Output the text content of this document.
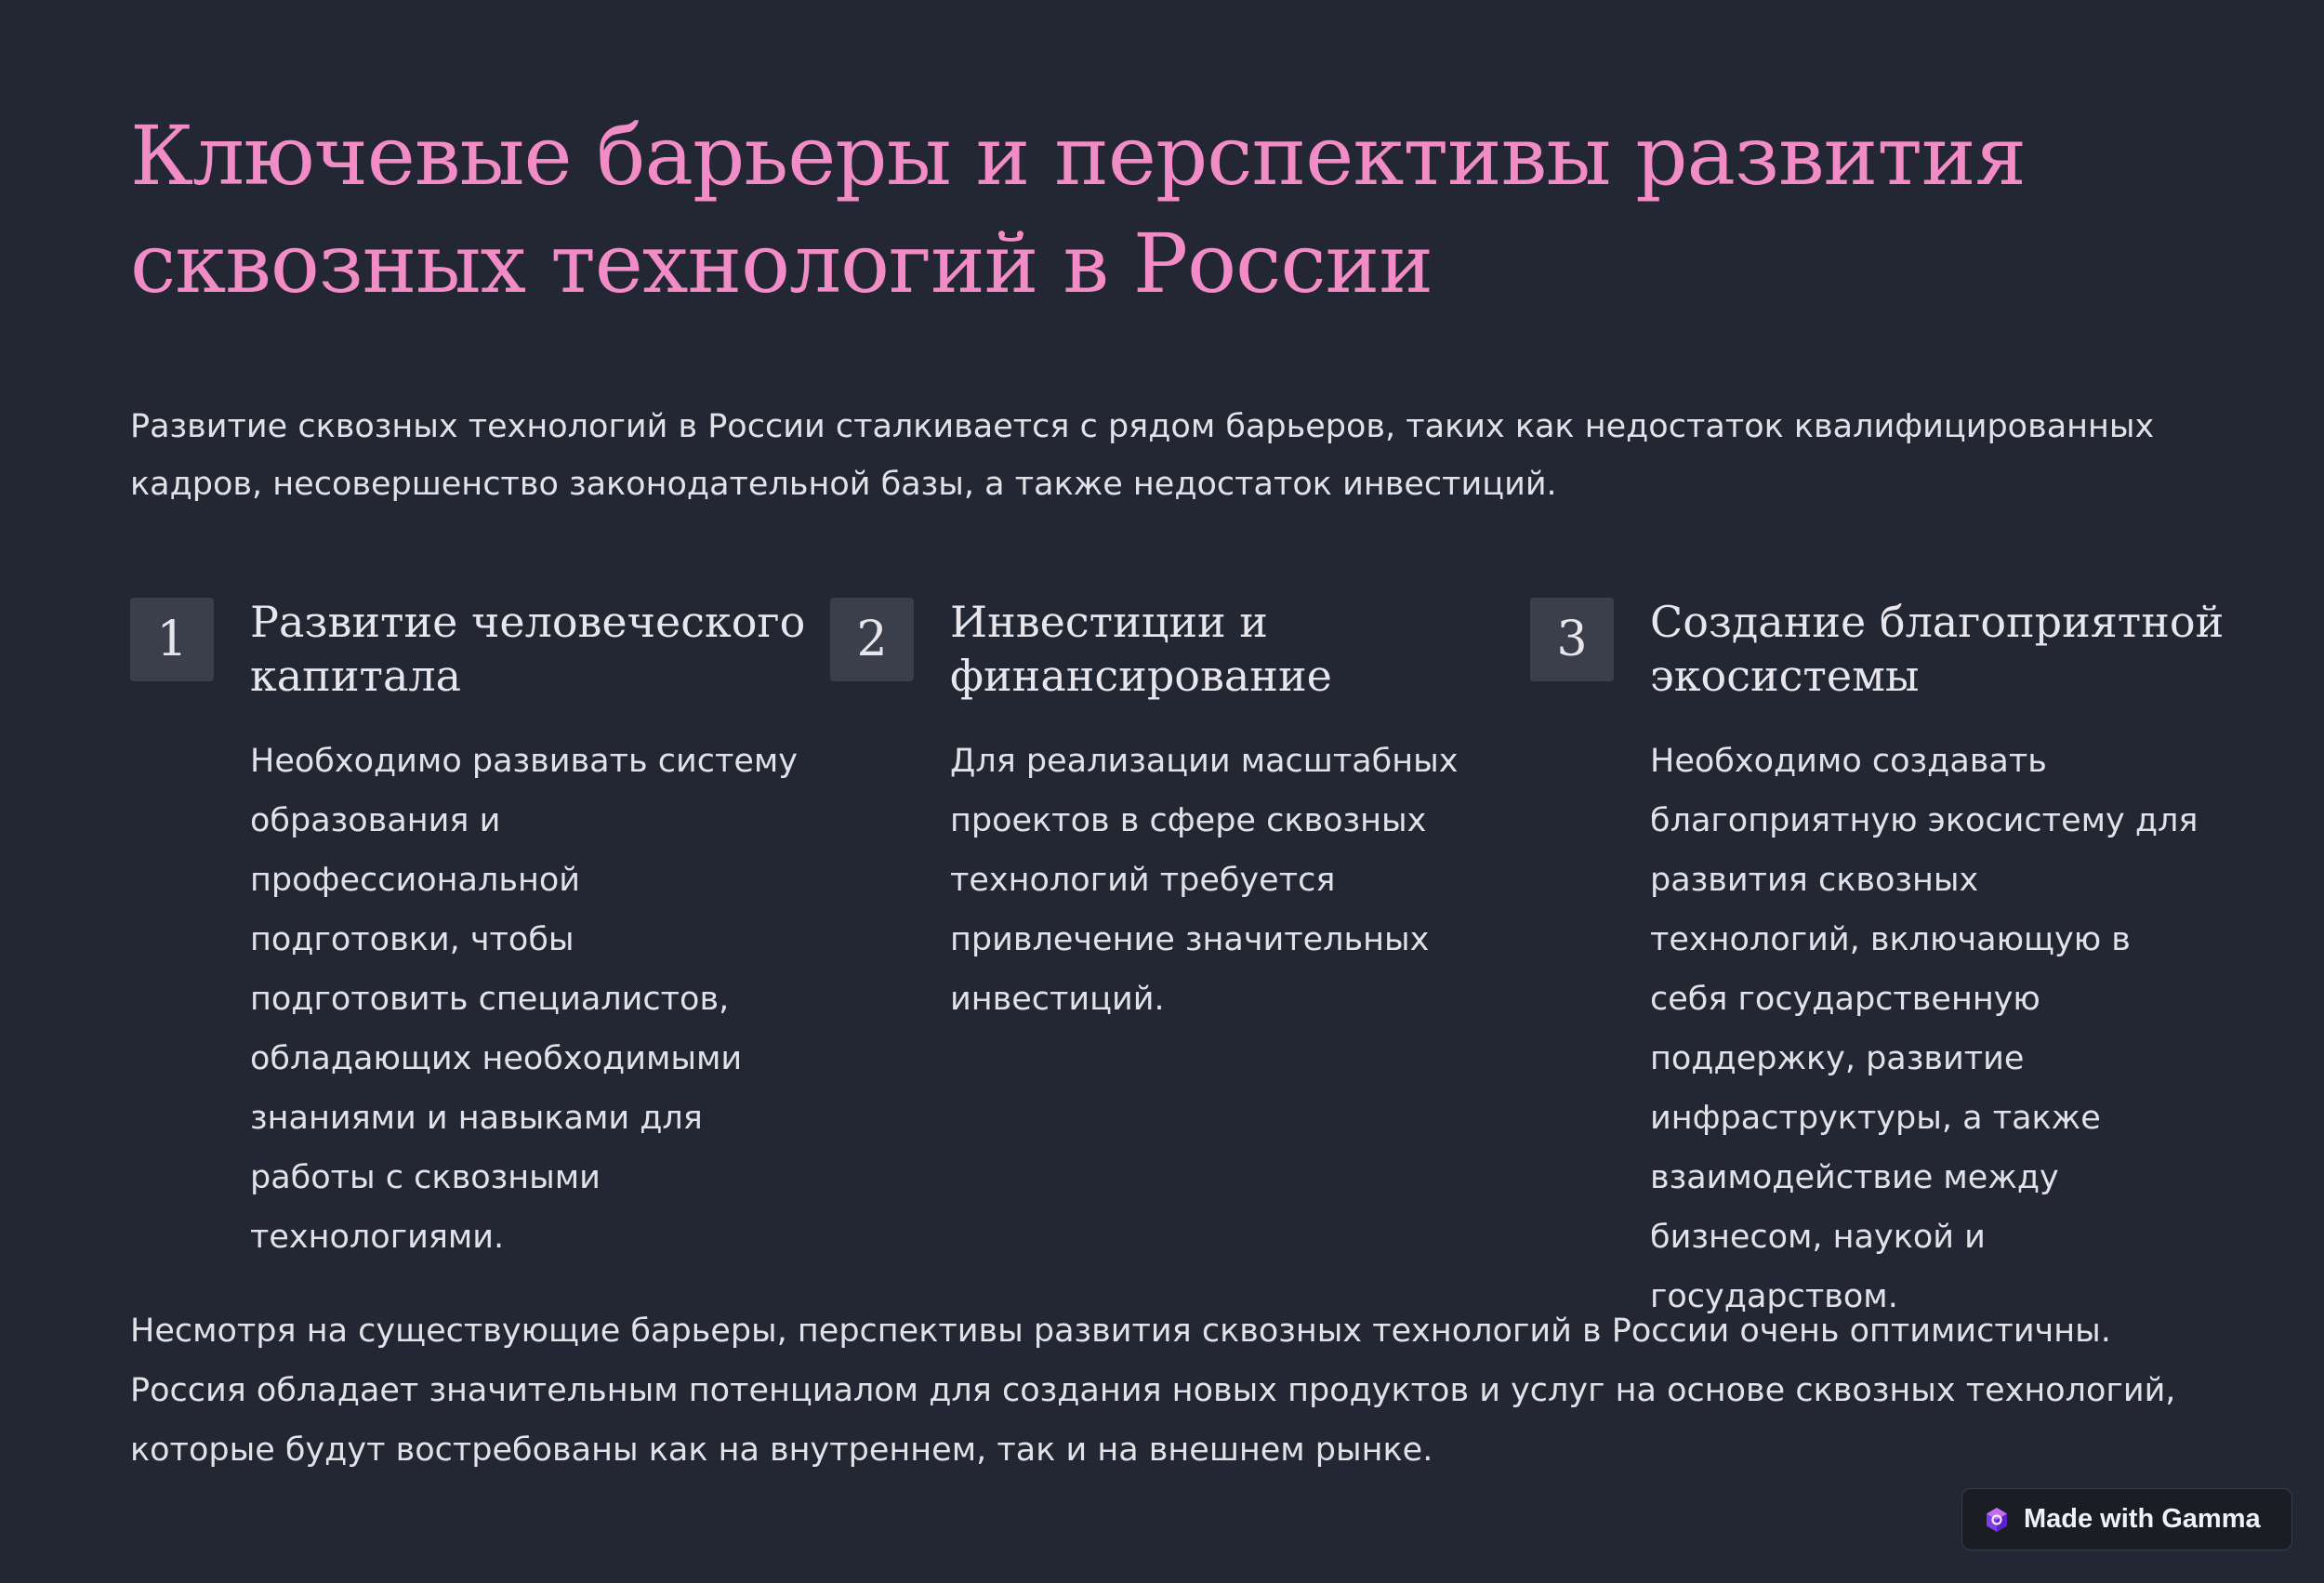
Ключевые барьеры и перспективы развития сквозных технологий в России

Развитие сквозных технологий в России сталкивается с рядом барьеров, таких как недостаток квалифицированных кадров, несовершенство законодательной базы, а также недостаток инвестиций.

1	Развитие человеческого капитала

Необходимо развивать систему образования и профессиональной подготовки, чтобы подготовить специалистов, обладающих необходимыми знаниями и навыками для работы с сквозными технологиями.

2	Инвестиции и финансирование

Для реализации масштабных проектов в сфере сквозных технологий требуется привлечение значительных инвестиций.

3	Создание благоприятной экосистемы

Необходимо создавать благоприятную экосистему для развития сквозных технологий, включающую в себя государственную поддержку, развитие инфраструктуры, а также взаимодействие между бизнесом, наукой и государством.

Несмотря на существующие барьеры, перспективы развития сквозных технологий в России очень оптимистичны. Россия обладает значительным потенциалом для создания новых продуктов и услуг на основе сквозных технологий, которые будут востребованы как на внутреннем, так и на внешнем рынке.

Made with Gamma
